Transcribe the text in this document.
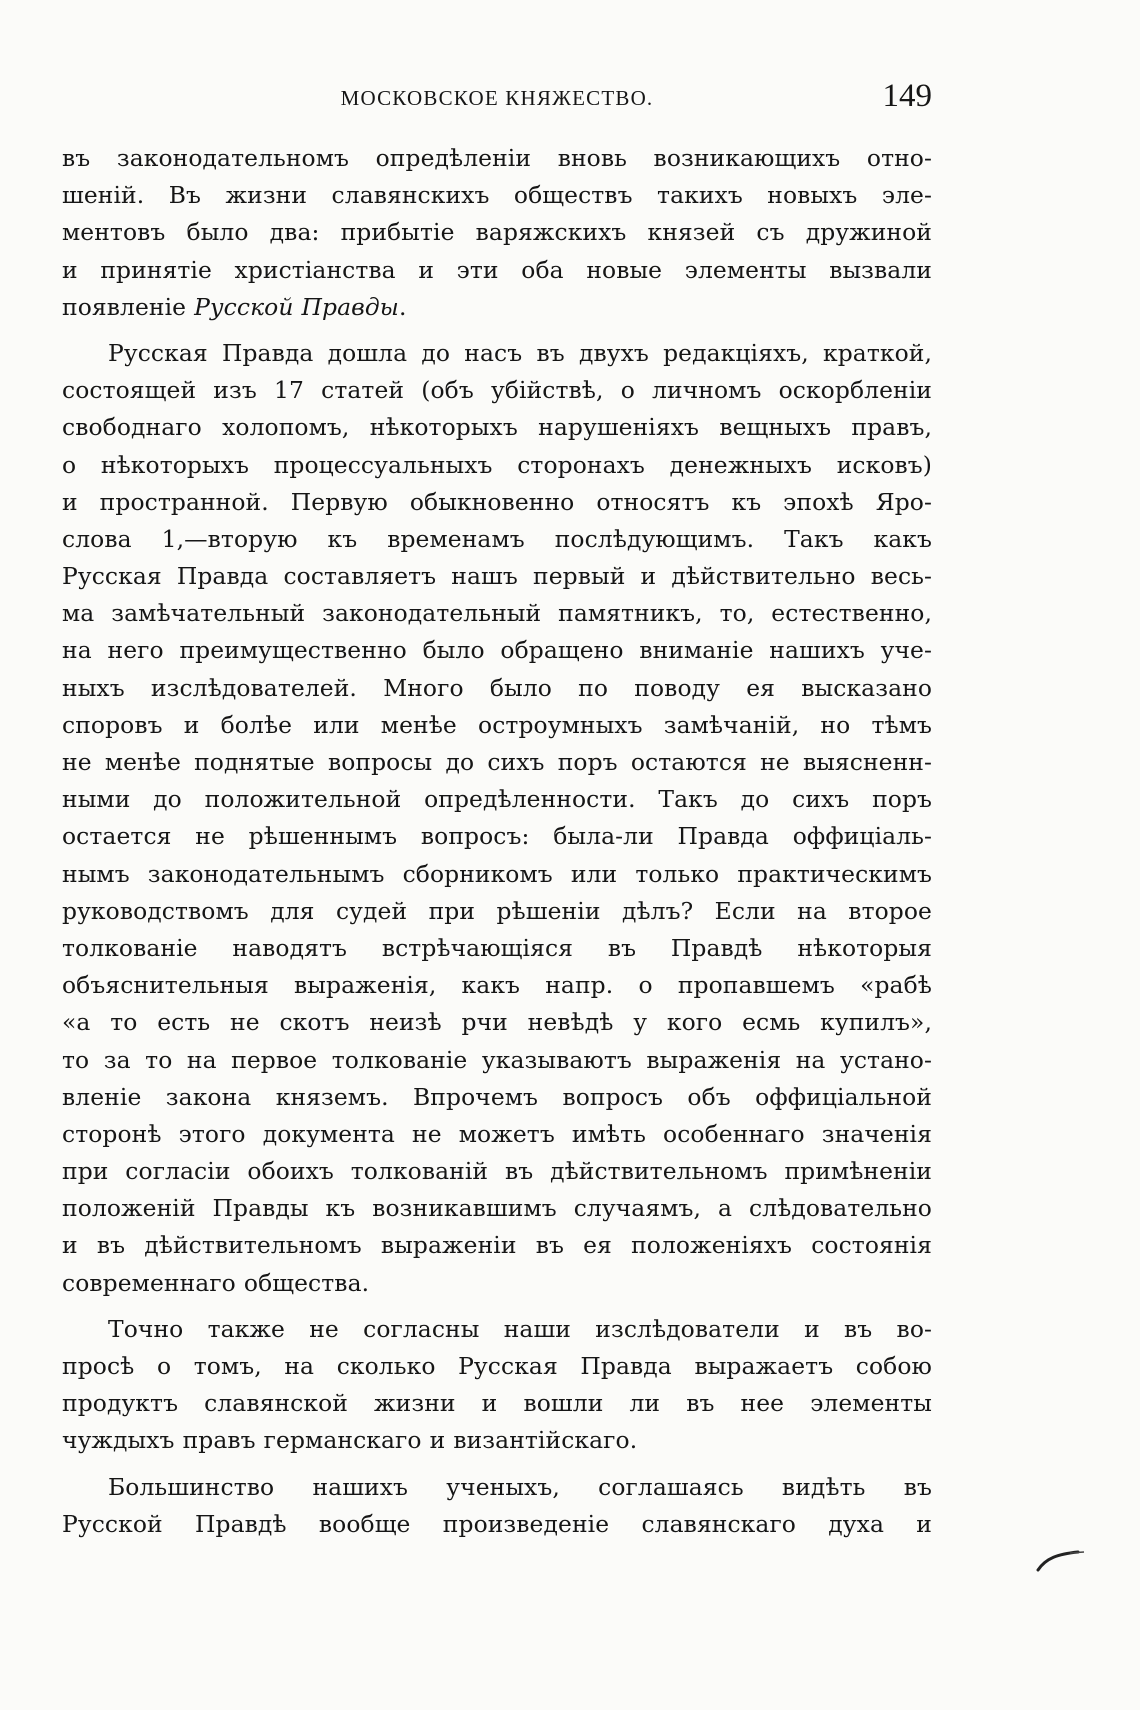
МОСКОВСКОЕ КНЯЖЕСТВО.	149
въ законодательномъ опредѣленіи вновь возникающихъ отно-
шеній. Въ жизни славянскихъ обществъ такихъ новыхъ эле-
ментовъ было два: прибытіе варяжскихъ князей съ дружиной
и принятіе христіанства и эти оба новые элементы вызвали
появленіе Русской Правды.
Русская Правда дошла до насъ въ двухъ редакціяхъ, краткой,
состоящей изъ 17 статей (объ убійствѣ, о личномъ оскорбленіи
свободнаго холопомъ, нѣкоторыхъ нарушеніяхъ вещныхъ правъ,
о нѣкоторыхъ процессуальныхъ сторонахъ денежныхъ исковъ)
и пространной. Первую обыкновенно относятъ къ эпохѣ Яро-
слова 1,—вторую къ временамъ послѣдующимъ. Такъ какъ
Русская Правда составляетъ нашъ первый и дѣйствительно весь-
ма замѣчательный законодательный памятникъ, то, естественно,
на него преимущественно было обращено вниманіе нашихъ уче-
ныхъ изслѣдователей. Много было по поводу ея высказано
споровъ и болѣе или менѣе остроумныхъ замѣчаній, но тѣмъ
не менѣе поднятые вопросы до сихъ поръ остаются не выясненн-
ными до положительной опредѣленности. Такъ до сихъ поръ
остается не рѣшеннымъ вопросъ: была-ли Правда оффиціаль-
нымъ законодательнымъ сборникомъ или только практическимъ
руководствомъ для судей при рѣшеніи дѣлъ? Если на второе
толкованіе наводятъ встрѣчающіяся въ Правдѣ нѣкоторыя
объяснительныя выраженія, какъ напр. о пропавшемъ «рабѣ
«а то есть не скотъ неизѣ рчи невѣдѣ у кого есмь купилъ»,
то за то на первое толкованіе указываютъ выраженія на устано-
вленіе закона княземъ. Впрочемъ вопросъ объ оффиціальной
сторонѣ этого документа не можетъ имѣть особеннаго значенія
при согласіи обоихъ толкованій въ дѣйствительномъ примѣненіи
положеній Правды къ возникавшимъ случаямъ, а слѣдовательно
и въ дѣйствительномъ выраженіи въ ея положеніяхъ состоянія
современнаго общества.
Точно также не согласны наши изслѣдователи и въ во-
просѣ о томъ, на сколько Русская Правда выражаетъ собою
продуктъ славянской жизни и вошли ли въ нее элементы
чуждыхъ правъ германскаго и византійскаго.
Большинство нашихъ ученыхъ, соглашаясь видѣть въ
Русской Правдѣ вообще произведеніе славянскаго духа и
